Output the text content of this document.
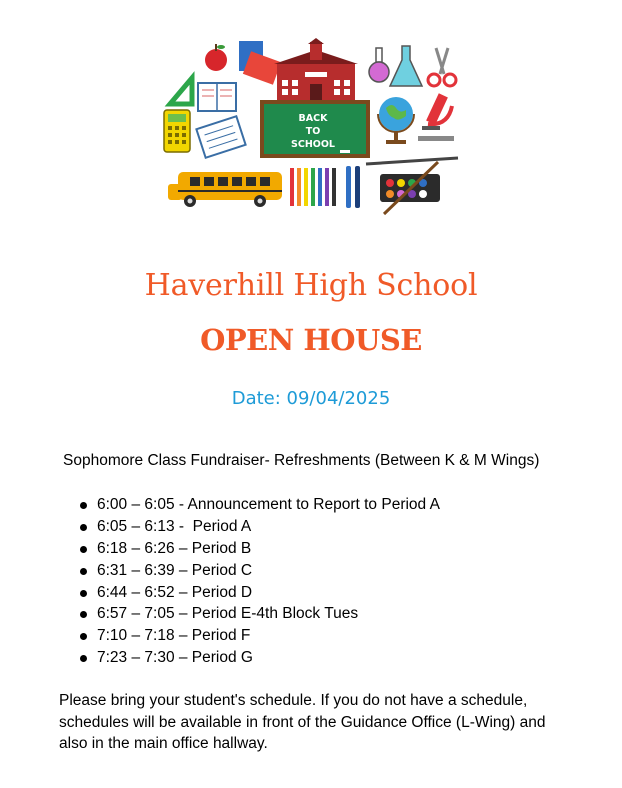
BACK
TO
SCHOOL
Haverhill High School
OPEN HOUSE

Date: 09/04/2025

Sophomore Class Fundraiser- Refreshments (Between K & M Wings)

6:00 – 6:05 - Announcement to Report to Period A
6:05 – 6:13 -  Period A
6:18 – 6:26 – Period B
6:31 – 6:39 – Period C
6:44 – 6:52 – Period D
6:57 – 7:05 – Period E-4th Block Tues
7:10 – 7:18 – Period F
7:23 – 7:30 – Period G

Please bring your student's schedule. If you do not have a schedule, schedules will be available in front of the Guidance Office (L-Wing) and also in the main office hallway.
